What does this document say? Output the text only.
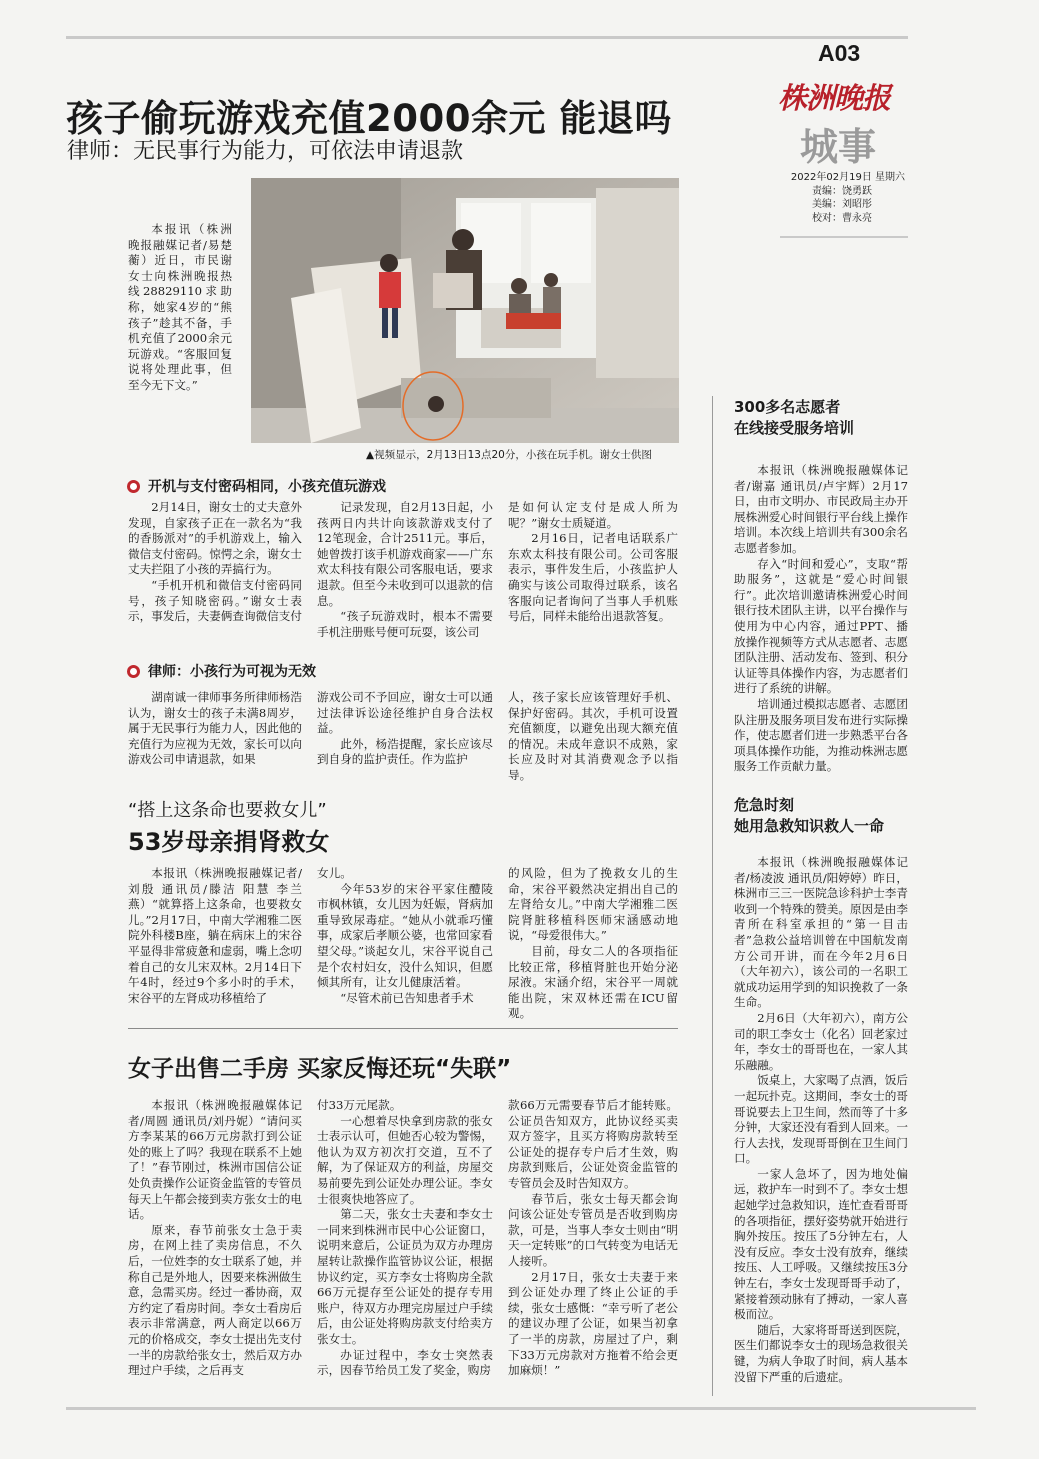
A03
株洲晚报
城事
2022年02月19日 星期六
责编：饶勇跃
美编：刘昭彤
校对：曹永亮
孩子偷玩游戏充值2000余元 能退吗
律师：无民事行为能力，可依法申请退款

本报讯（株洲晚报融媒记者/易楚蘅）近日，市民谢女士向株洲晚报热线28829110求助称，她家4岁的“熊孩子”趁其不备，手机充值了2000余元玩游戏。“客服回复说将处理此事，但至今无下文。”

▲视频显示，2月13日13点20分，小孩在玩手机。谢女士供图
开机与支付密码相同，小孩充值玩游戏

2月14日，谢女士的丈夫意外发现，自家孩子正在一款名为“我的香肠派对”的手机游戏上，输入微信支付密码。惊愕之余，谢女士丈夫拦阻了小孩的弄搞行为。

“手机开机和微信支付密码同号，孩子知晓密码。”谢女士表示，事发后，夫妻俩查询微信支付

记录发现，自2月13日起，小孩两日内共计向该款游戏支付了12笔现金，合计2511元。事后，她曾拨打该手机游戏商家——广东欢太科技有限公司客服电话，要求退款。但至今未收到可以退款的信息。

“孩子玩游戏时，根本不需要手机注册账号便可玩耍，该公司

是如何认定支付是成人所为呢？”谢女士质疑道。

2月16日，记者电话联系广东欢太科技有限公司。公司客服表示，事件发生后，小孩监护人确实与该公司取得过联系，该名客服向记者询问了当事人手机账号后，同样未能给出退款答复。

律师：小孩行为可视为无效

湖南诚一律师事务所律师杨浩认为，谢女士的孩子未满8周岁，属于无民事行为能力人，因此他的充值行为应视为无效，家长可以向游戏公司申请退款，如果

游戏公司不予回应，谢女士可以通过法律诉讼途径维护自身合法权益。

此外，杨浩提醒，家长应该尽到自身的监护责任。作为监护

人，孩子家长应该管理好手机、保护好密码。其次，手机可设置充值额度，以避免出现大额充值的情况。未成年意识不成熟，家长应及时对其消费观念予以指导。

“搭上这条命也要救女儿”
53岁母亲捐肾救女

本报讯（株洲晚报融媒记者/刘殷 通讯员/滕洁 阳慧 李兰燕）“就算搭上这条命，也要救女儿。”2月17日，中南大学湘雅二医院外科楼B座，躺在病床上的宋谷平显得非常疲惫和虚弱，嘴上念叨着自己的女儿宋双林。2月14日下午4时，经过9个多小时的手术，宋谷平的左肾成功移植给了

女儿。

今年53岁的宋谷平家住醴陵市枫林镇，女儿因为妊娠，肾病加重导致尿毒症。“她从小就乖巧懂事，成家后孝顺公婆，也常回家看望父母。”谈起女儿，宋谷平说自己是个农村妇女，没什么知识，但愿倾其所有，让女儿健康活着。

“尽管术前已告知患者手术

的风险，但为了挽救女儿的生命，宋谷平毅然决定捐出自己的左肾给女儿。”中南大学湘雅二医院肾脏移植科医师宋涵感动地说，“母爱很伟大。”

目前，母女二人的各项指征比较正常，移植肾脏也开始分泌尿液。宋涵介绍，宋谷平一周就能出院，宋双林还需在ICU留观。

女子出售二手房 买家反悔还玩“失联”

本报讯（株洲晚报融媒体记者/周圆 通讯员/刘丹妮）“请问买方李某某的66万元房款打到公证处的账上了吗？我现在联系不上她了！”春节刚过，株洲市国信公证处负责操作公证资金监管的专管员每天上午都会接到卖方张女士的电话。

原来，春节前张女士急于卖房，在网上挂了卖房信息，不久后，一位姓李的女士联系了她，并称自己是外地人，因要来株洲做生意，急需买房。经过一番协商，双方约定了看房时间。李女士看房后表示非常满意，两人商定以66万元的价格成交，李女士提出先支付一半的房款给张女士，然后双方办理过户手续，之后再支

付33万元尾款。

一心想着尽快拿到房款的张女士表示认可，但她否心较为警惕，他认为双方初次打交道，互不了解，为了保证双方的利益，房屋交易前要先到公证处办理公证。李女士很爽快地答应了。

第二天，张女士夫妻和李女士一同来到株洲市民中心公证窗口，说明来意后，公证员为双方办理房屋转让款操作监管协议公证，根据协议约定，买方李女士将购房全款66万元提存至公证处的提存专用账户，待双方办理完房屋过户手续后，由公证处将购房款支付给卖方张女士。

办证过程中，李女士突然表示，因春节给员工发了奖金，购房

款66万元需要春节后才能转账。公证员告知双方，此协议经买卖双方签字，且买方将购房款转至公证处的提存专户后才生效，购房款到账后，公证处资金监管的专管员会及时告知双方。

春节后，张女士每天都会询问该公证处专管员是否收到购房款，可是，当事人李女士则由“明天一定转账”的口气转变为电话无人接听。

2月17日，张女士夫妻于来到公证处办理了终止公证的手续，张女士感慨：“幸亏听了老公的建议办理了公证，如果当初拿了一半的房款，房屋过了户，剩下33万元房款对方拖着不给会更加麻烦！”

300多名志愿者
在线接受服务培训

本报讯（株洲晚报融媒体记者/谢嘉 通讯员/卢宇辉）2月17日，由市文明办、市民政局主办开展株洲爱心时间银行平台线上操作培训。本次线上培训共有300余名志愿者参加。

存入“时间和爱心”，支取“帮助服务”，这就是“爱心时间银行”。此次培训邀请株洲爱心时间银行技术团队主讲，以平台操作与使用为中心内容，通过PPT、播放操作视频等方式从志愿者、志愿团队注册、活动发布、签到、积分认证等具体操作内容，为志愿者们进行了系统的讲解。

培训通过模拟志愿者、志愿团队注册及服务项目发布进行实际操作，使志愿者们进一步熟悉平台各项具体操作功能，为推动株洲志愿服务工作贡献力量。

危急时刻
她用急救知识救人一命

本报讯（株洲晚报融媒体记者/杨凌波 通讯员/阳婷婷）昨日，株洲市三三一医院急诊科护士李青收到一个特殊的赞美。原因是由李青所在科室承担的“第一目击者”急救公益培训曾在中国航发南方公司开讲，而在今年2月6日（大年初六），该公司的一名职工就成功运用学到的知识挽救了一条生命。

2月6日（大年初六），南方公司的职工李女士（化名）回老家过年，李女士的哥哥也在，一家人其乐融融。

饭桌上，大家喝了点酒，饭后一起玩扑克。这期间，李女士的哥哥说要去上卫生间，然而等了十多分钟，大家还没有看到人回来。一行人去找，发现哥哥倒在卫生间门口。

一家人急坏了，因为地处偏远，救护车一时到不了。李女士想起她学过急救知识，连忙查看哥哥的各项指征，摆好姿势就开始进行胸外按压。按压了5分钟左右，人没有反应。李女士没有放弃，继续按压、人工呼吸。又继续按压3分钟左右，李女士发现哥哥手动了，紧接着颈动脉有了搏动，一家人喜极而泣。

随后，大家将哥哥送到医院，医生们都说李女士的现场急救很关键，为病人争取了时间，病人基本没留下严重的后遗症。
